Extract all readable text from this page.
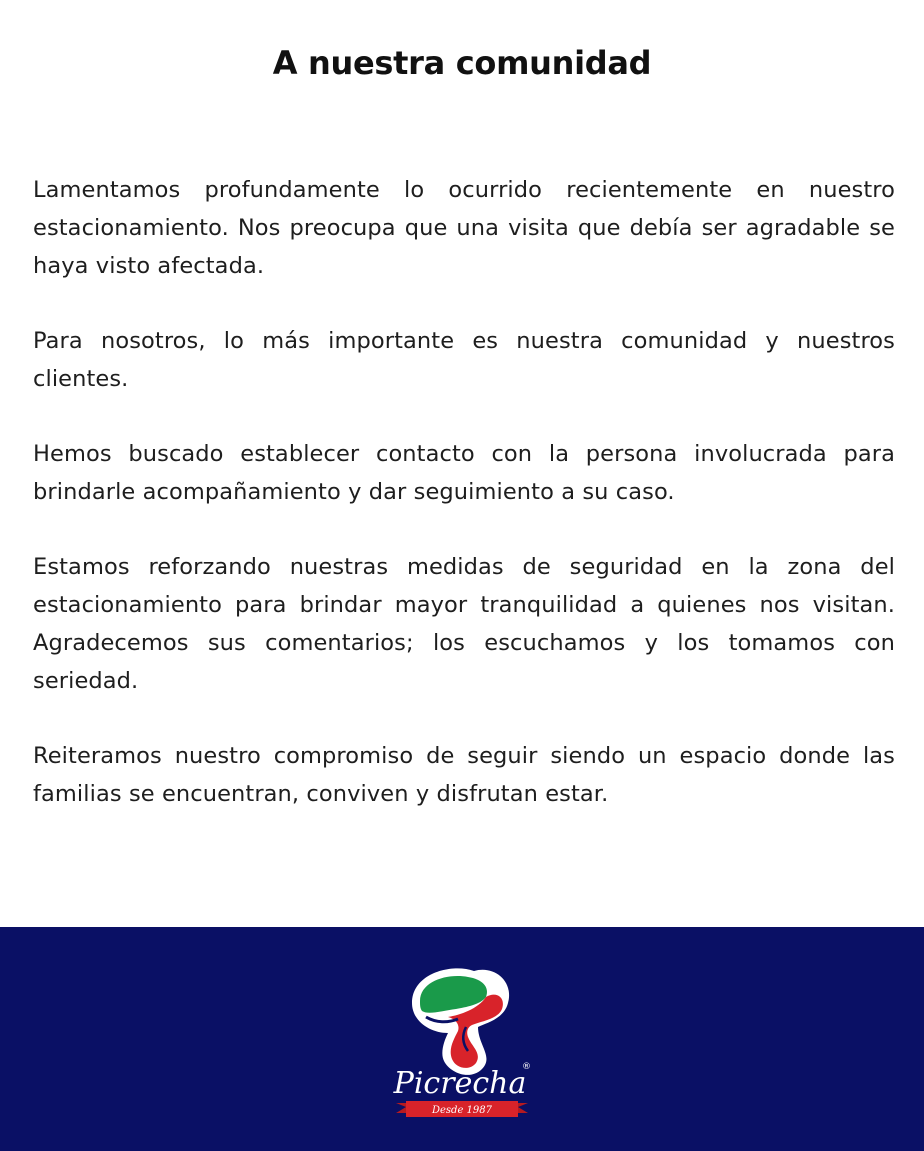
A nuestra comunidad

Lamentamos profundamente lo ocurrido recientemente en nuestro estacionamiento. Nos preocupa que una visita que debía ser agradable se haya visto afectada.

Para nosotros, lo más importante es nuestra comunidad y nuestros clientes.

Hemos buscado establecer contacto con la persona involucrada para brindarle acompañamiento y dar seguimiento a su caso.

Estamos reforzando nuestras medidas de seguridad en la zona del estacionamiento para brindar mayor tranquilidad a quienes nos visitan. Agradecemos sus comentarios; los escuchamos y los tomamos con seriedad.

Reiteramos nuestro compromiso de seguir siendo un espacio donde las familias se encuentran, conviven y disfrutan estar.

Picrecha
®
Desde 1987
